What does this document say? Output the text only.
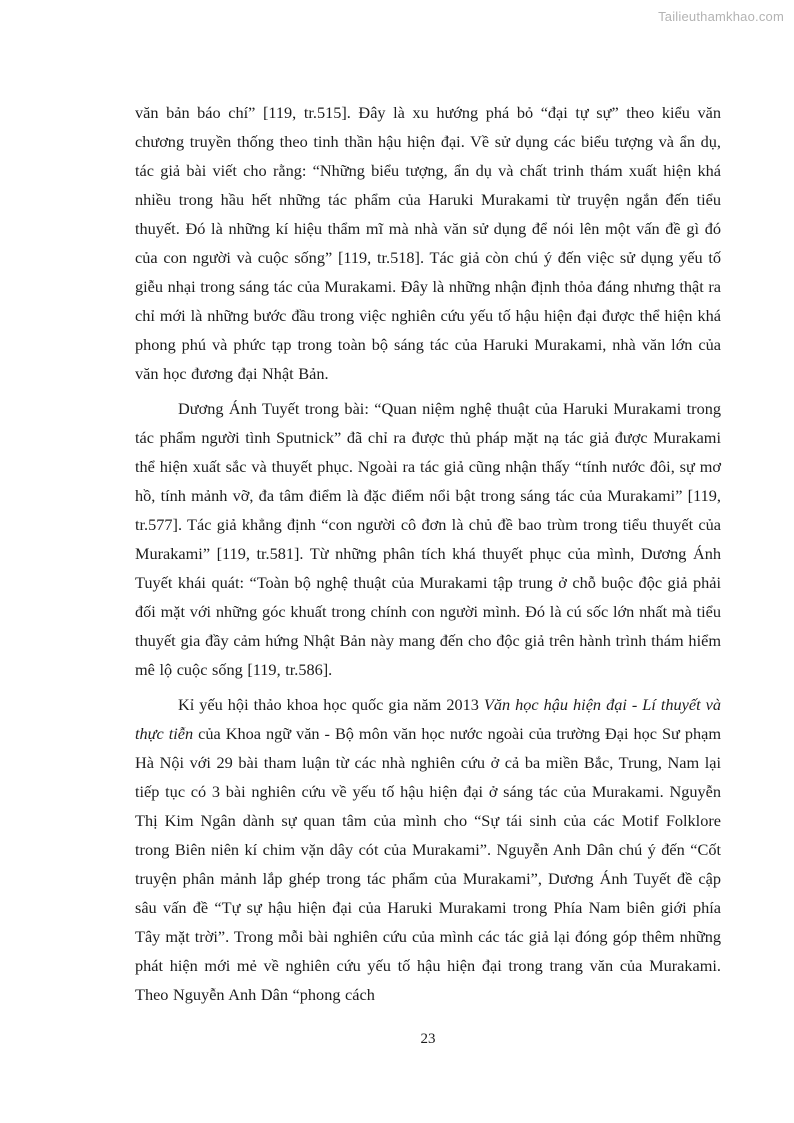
Tailieuthamkhao.com

văn bản báo chí” [119, tr.515]. Đây là xu hướng phá bỏ “đại tự sự” theo kiểu văn chương truyền thống theo tinh thần hậu hiện đại. Về sử dụng các biểu tượng và ẩn dụ, tác giả bài viết cho rằng: “Những biểu tượng, ẩn dụ và chất trinh thám xuất hiện khá nhiều trong hầu hết những tác phẩm của Haruki Murakami từ truyện ngắn đến tiểu thuyết. Đó là những kí hiệu thẩm mĩ mà nhà văn sử dụng để nói lên một vấn đề gì đó của con người và cuộc sống” [119, tr.518]. Tác giả còn chú ý đến việc sử dụng yếu tố giễu nhại trong sáng tác của Murakami. Đây là những nhận định thỏa đáng nhưng thật ra chỉ mới là những bước đầu trong việc nghiên cứu yếu tố hậu hiện đại được thể hiện khá phong phú và phức tạp trong toàn bộ sáng tác của Haruki Murakami, nhà văn lớn của văn học đương đại Nhật Bản.

Dương Ánh Tuyết trong bài: “Quan niệm nghệ thuật của Haruki Murakami trong tác phẩm người tình Sputnick” đã chỉ ra được thủ pháp mặt nạ tác giả được Murakami thể hiện xuất sắc và thuyết phục. Ngoài ra tác giả cũng nhận thấy “tính nước đôi, sự mơ hồ, tính mảnh vỡ, đa tâm điểm là đặc điểm nổi bật trong sáng tác của Murakami” [119, tr.577]. Tác giả khẳng định “con người cô đơn là chủ đề bao trùm trong tiểu thuyết của Murakami” [119, tr.581]. Từ những phân tích khá thuyết phục của mình, Dương Ánh Tuyết khái quát: “Toàn bộ nghệ thuật của Murakami tập trung ở chỗ buộc độc giả phải đối mặt với những góc khuất trong chính con người mình. Đó là cú sốc lớn nhất mà tiểu thuyết gia đầy cảm hứng Nhật Bản này mang đến cho độc giả trên hành trình thám hiểm mê lộ cuộc sống [119, tr.586].

Kỉ yếu hội thảo khoa học quốc gia năm 2013 Văn học hậu hiện đại - Lí thuyết và thực tiễn của Khoa ngữ văn - Bộ môn văn học nước ngoài của trường Đại học Sư phạm Hà Nội với 29 bài tham luận từ các nhà nghiên cứu ở cả ba miền Bắc, Trung, Nam lại tiếp tục có 3 bài nghiên cứu về yếu tố hậu hiện đại ở sáng tác của Murakami. Nguyễn Thị Kim Ngân dành sự quan tâm của mình cho “Sự tái sinh của các Motif Folklore trong Biên niên kí chim vặn dây cót của Murakami”. Nguyễn Anh Dân chú ý đến “Cốt truyện phân mảnh lắp ghép trong tác phẩm của Murakami”, Dương Ánh Tuyết đề cập sâu vấn đề “Tự sự hậu hiện đại của Haruki Murakami trong Phía Nam biên giới phía Tây mặt trời”. Trong mỗi bài nghiên cứu của mình các tác giả lại đóng góp thêm những phát hiện mới mẻ về nghiên cứu yếu tố hậu hiện đại trong trang văn của Murakami. Theo Nguyễn Anh Dân “phong cách

23
